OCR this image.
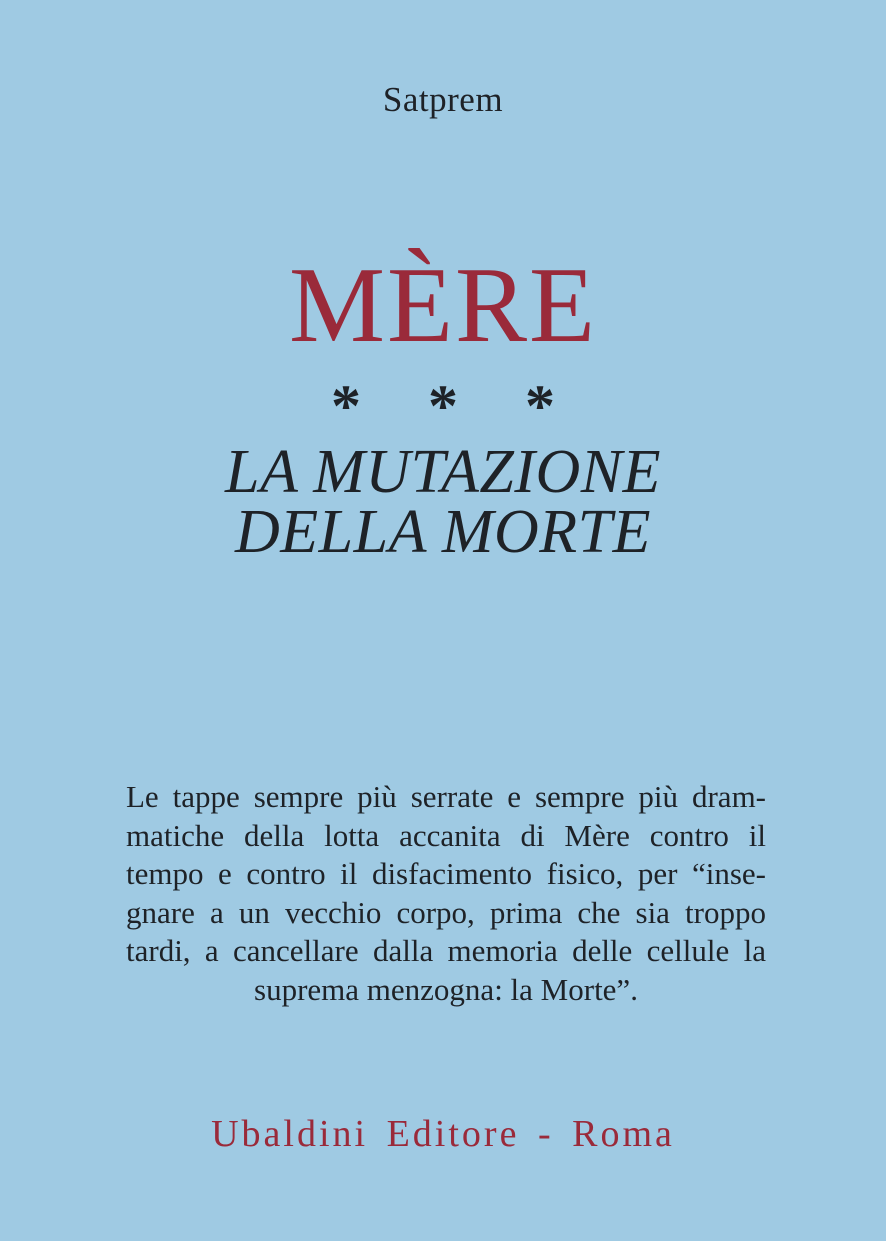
Satprem
MÈRE
* * *
LA MUTAZIONE
DELLA MORTE
Le tappe sempre più serrate e sempre più dram-
matiche della lotta accanita di Mère contro il
tempo e contro il disfacimento fisico, per “inse-
gnare a un vecchio corpo, prima che sia troppo
tardi, a cancellare dalla memoria delle cellule la
suprema menzogna: la Morte”.
Ubaldini Editore - Roma
